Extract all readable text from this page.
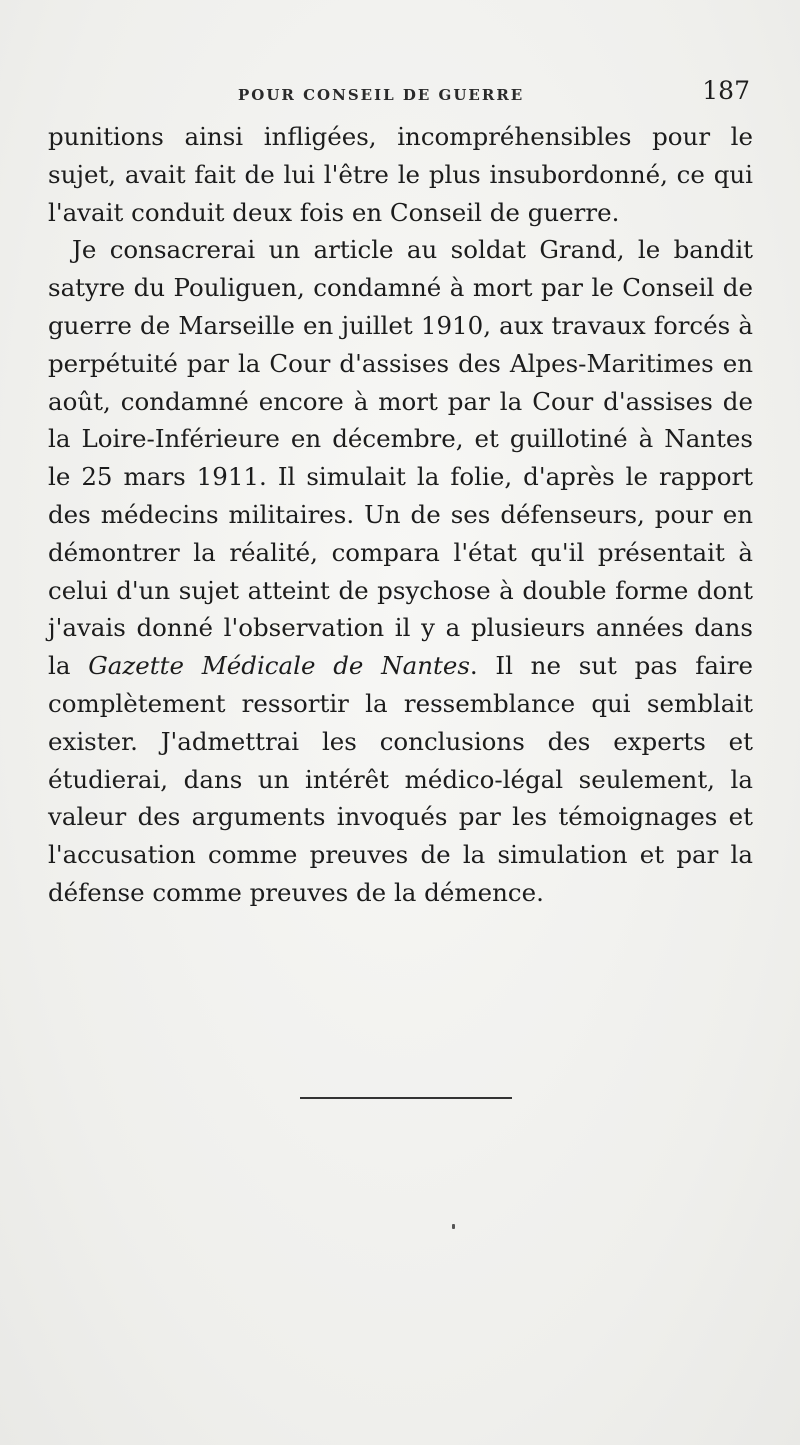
POUR CONSEIL DE GUERRE	187

punitions ainsi infligées, incompréhensibles pour le sujet, avait fait de lui l'être le plus insubordonné, ce qui l'avait conduit deux fois en Conseil de guerre.

Je consacrerai un article au soldat Grand, le bandit satyre du Pouliguen, condamné à mort par le Conseil de guerre de Marseille en juillet 1910, aux travaux forcés à perpétuité par la Cour d'assises des Alpes-Maritimes en août, condamné encore à mort par la Cour d'assises de la Loire-Inférieure en décembre, et guillotiné à Nantes le 25 mars 1911. Il simulait la folie, d'après le rapport des médecins militaires. Un de ses défenseurs, pour en démontrer la réalité, compara l'état qu'il présentait à celui d'un sujet atteint de psychose à double forme dont j'avais donné l'observation il y a plusieurs années dans la Gazette Médicale de Nantes. Il ne sut pas faire complètement ressortir la ressemblance qui semblait exister. J'admettrai les conclusions des experts et étudierai, dans un intérêt médico-légal seulement, la valeur des arguments invoqués par les témoignages et l'accusation comme preuves de la simulation et par la défense comme preuves de la démence.
